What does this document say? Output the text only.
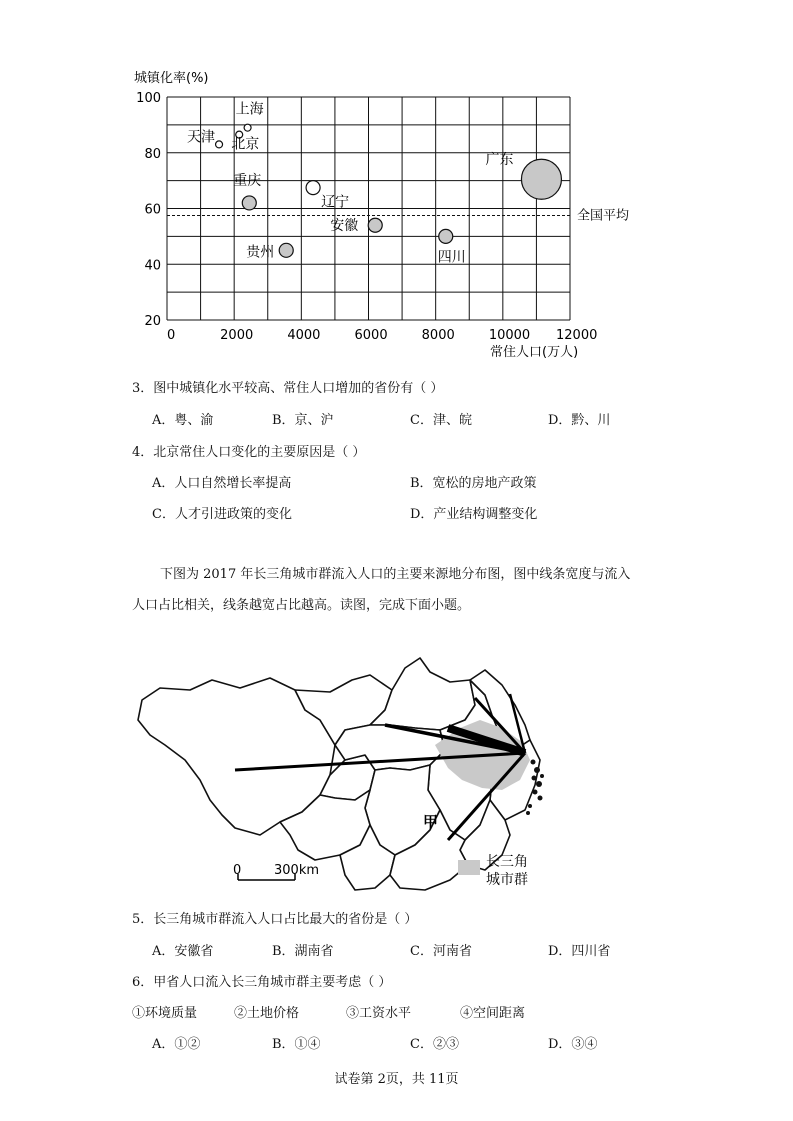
全国平均
0	2000	4000	6000	8000	10000 12000
20
40
60
80
100
天津
上海
北京
重庆
辽宁
贵州
安徽
四川
广东
城镇化率(%)
常住人口(万人)
3．图中城镇化水平较高、常住人口增加的省份有（ ）
A．粤、渝	B．京、沪	C．津、皖	D．黔、川
4．北京常住人口变化的主要原因是（ ）
A．人口自然增长率提高	B．宽松的房地产政策
C．人才引进政策的变化	D．产业结构调整变化

下图为 2017 年长三角城市群流入人口的主要来源地分布图，图中线条宽度与流入

人口占比相关，线条越宽占比越高。读图，完成下面小题。

甲
0	300km
长三角
城市群
5．长三角城市群流入人口占比最大的省份是（ ）
A．安徽省	B．湖南省	C．河南省	D．四川省
6．甲省人口流入长三角城市群主要考虑（ ）
①环境质量	②土地价格	③工资水平	④空间距离
A．①②	B．①④	C．②③	D．③④
试卷第 2页，共 11页
